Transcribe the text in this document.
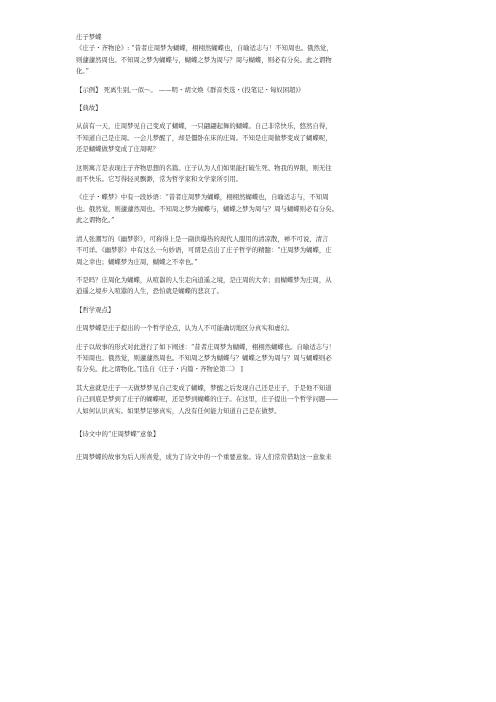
庄子梦蝶

《庄子・齐物论》: “昔者庄周梦为蝴蝶，栩栩然蝴蝶也，自喻适志与！不知周也。俄然觉，
则蘧蘧然周也。不知周之梦为蝴蝶与，蝴蝶之梦为周与？周与蝴蝶，则必有分矣。此之谓物
化。”

【示例】 死离生别,一似～。 ——明・胡文焕《群音类选・(投笔记・匈奴困超)》

【典故】

从前有一天，庄周梦见自己变成了蝴蝶，一只翩翩起舞的蝴蝶。自己非常快乐，悠然自得，
不知道自己是庄周。一会儿梦醒了，却是僵卧在床的庄周。不知是庄周做梦变成了蝴蝶呢，
还是蝴蝶做梦变成了庄周呢？

这则寓言是表现庄子齐物思想的名篇。庄子认为人们如果能打破生死、物我的界限，则无往
而不快乐。它写得轻灵飘渺，常为哲学家和文学家所引用。

《庄子・蝶梦》中有一段妙语：“昔者庄周梦为蝴蝶，栩栩然蝴蝶也，自喻适志与，不知周
也。俄然觉，则蘧蘧然周也。不知周之梦为蝴蝶与，蝴蝶之梦为周与？周与蝴蝶则必有分矣。
此之谓物化。”

清人张潮写的《幽梦影》，可称得上是一副供爆热的现代人服用的清凉散，禅不可说，清言
不可详。《幽梦影》中有这么一句妙语，可谓是点出了庄子哲学的精髓：“庄周梦为蝴蝶，庄
周之幸也；蝴蝶梦为庄周，蝴蝶之不幸也。”

不是吗？庄周化为蝴蝶，从喧嚣的人生走向逍遥之境，是庄周的大幸；而蝴蝶梦为庄周，从
逍遥之境步入喧嚣的人生，恐怕就是蝴蝶的悲哀了。

【哲学观点】

庄周梦蝶是庄子提出的一个哲学论点，认为人不可能确切地区分真实和虚幻。

庄子以故事的形式对此进行了如下阐述：“昔者庄周梦为蝴蝶，栩栩然蝴蝶也。自喻适志与！
不知周也。俄然觉，则蘧蘧然周也。不知周之梦为蝴蝶与？蝴蝶之梦为周与？周与蝴蝶则必
有分矣。此之谓物化。”[选自《庄子・内篇・齐物论第二》 ]

其大意就是庄子一天做梦梦见自己变成了蝴蝶，梦醒之后发现自己还是庄子，于是他不知道
自己到底是梦到了庄子的蝴蝶呢，还是梦到蝴蝶的庄子。在这里，庄子提出一个哲学问题——
人如何认识真实。如果梦足够真实，人没有任何能力知道自己是在做梦。

【诗文中的“庄周梦蝶”意象】

庄周梦蝶的故事为后人所喜爱，成为了诗文中的一个重要意象。诗人们常常借助这一意象来
